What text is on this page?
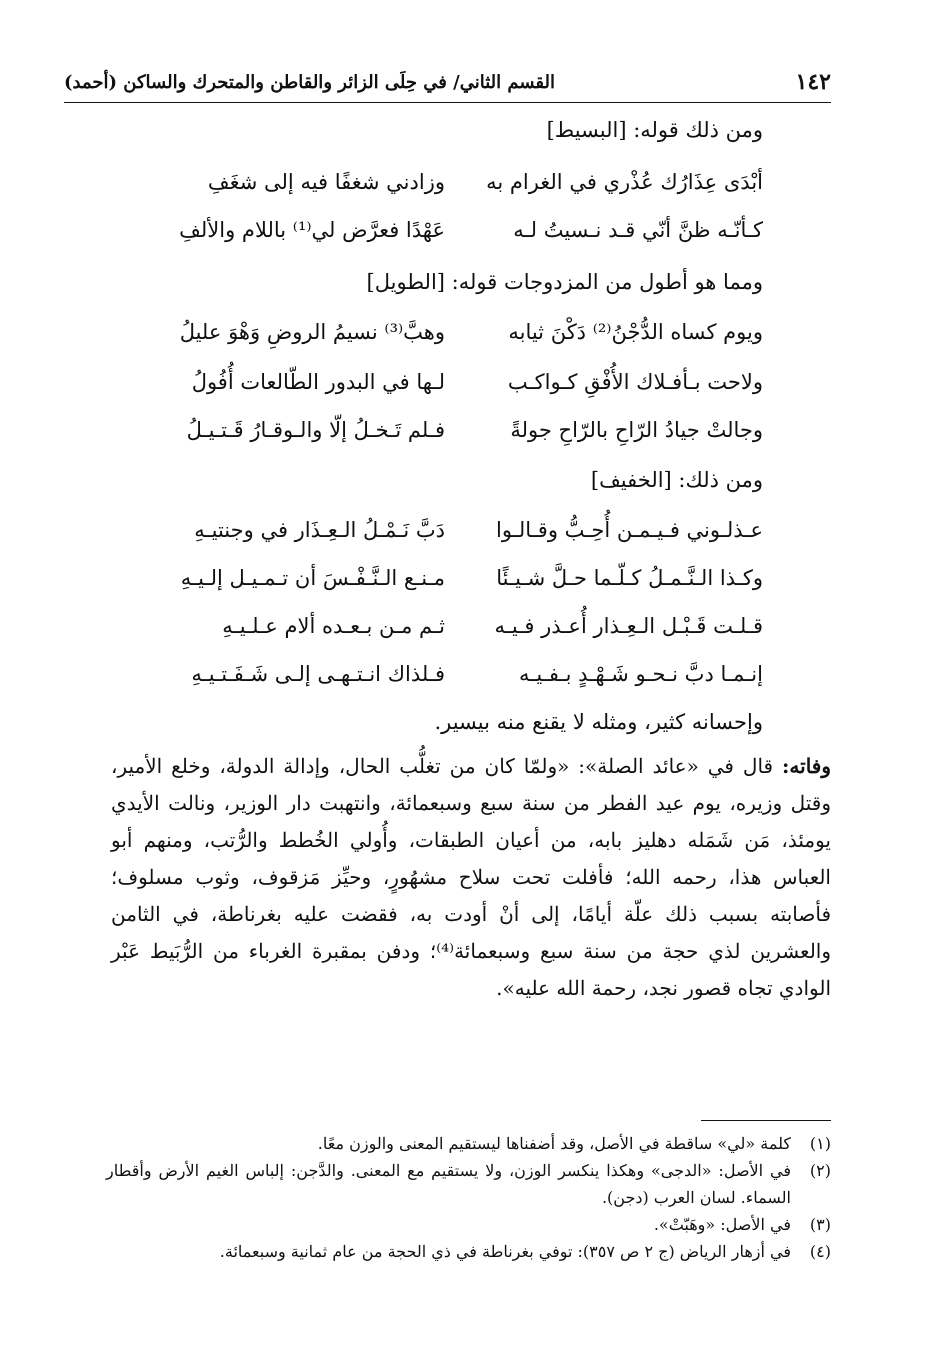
١٤٢
القسم الثاني/ في حِلَى الزائر والقاطن والمتحرك والساكن (أحمد)
ومن ذلك قوله: [البسيط]
أبْدَى عِذَارُك عُذْري في الغرام به
وزادني شغفًا فيه إلى شغَفِ
كـأنّـه ظنَّ أنّي قـد نـسيتُ لـه
عَهْدًا فعرَّض لي⁽¹⁾ باللام والألفِ
ومما هو أطول من المزدوجات قوله: [الطويل]
ويوم كساه الدُّجْنُ⁽²⁾ دَكْنَ ثيابه
وهبَّ⁽³⁾ نسيمُ الروضِ وَهْوَ عليلُ
ولاحت بـأفـلاك الأُفْقِ كـواكـب
لـها في البدور الطّالعات أُفُولُ
وجالتْ جيادُ الرّاحِ بالرّاحِ جولةً
فـلم تَـخـلُ إلّا والـوقـارُ قَـتـيـلُ
ومن ذلك: [الخفيف]
عـذلـوني فـيـمـن أُحِـبُّ وقـالـوا
دَبَّ نَـمْـلُ الـعِـذَار في وجنتيـهِ
وكـذا الـنَّـمـلُ كـلّـما حـلَّ شـيـئًا
مـنـع الـنَّـفْـسَ أن تـمـيـل إلـيـهِ
قـلـت قَـبْـل الـعِـذار أُعـذر فـيـه
ثـم مـن بـعـده ألام عـلـيـهِ
إنـمـا دبَّ نـحـو شَـهْـدٍ بـفـيـه
فـلذاك انـتـهـى إلـى شَـفَـتـيـهِ
وإحسانه كثير، ومثله لا يقنع منه بيسير.
وفاته: قال في «عائد الصلة»: «ولمّا كان من تغلُّب الحال، وإدالة الدولة، وخلع الأمير، وقتل وزيره، يوم عيد الفطر من سنة سبع وسبعمائة، وانتهبت دار الوزير، ونالت الأيدي يومئذ، مَن شَمَله دهليز بابه، من أعيان الطبقات، وأُولي الخُطط والرُّتب، ومنهم أبو العباس هذا، رحمه الله؛ فأفلت تحت سلاح مشهُورٍ، وحيِّز مَزقوف، وثوب مسلوف؛ فأصابته بسبب ذلك علّة أيامًا، إلى أنْ أودت به، فقضت عليه بغرناطة، في الثامن والعشرين لذي حجة من سنة سبع وسبعمائة⁽⁴⁾؛ ودفن بمقبرة الغرباء من الرُّبَيط عَبْر الوادي تجاه قصور نجد، رحمة الله عليه».
(١)
كلمة «لي» ساقطة في الأصل، وقد أضفناها ليستقيم المعنى والوزن معًا.
(٢)
في الأصل: «الدجى» وهكذا ينكسر الوزن، ولا يستقيم مع المعنى. والدَّجن: إلباس الغيم الأرض وأقطار السماء. لسان العرب (دجن).
(٣)
في الأصل: «وهَبّتْ».
(٤)
في أزهار الرياض (ج ٢ ص ٣٥٧): توفي بغرناطة في ذي الحجة من عام ثمانية وسبعمائة.
